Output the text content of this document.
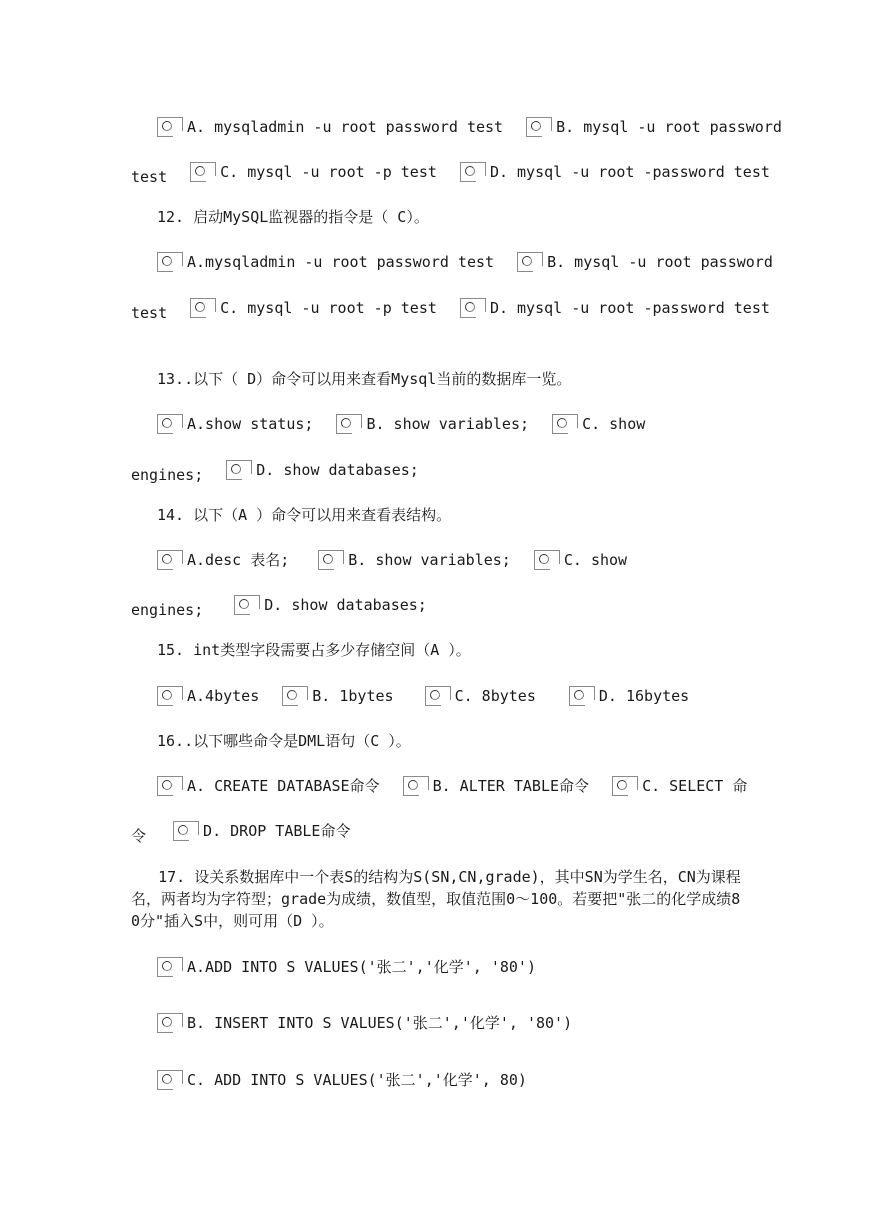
A. mysqladmin -u root password test
	B. mysql -u root password
test	C. mysql -u root -p test
	D. mysql -u root -password test
12. 启动MySQL监视器的指令是（ C）。
A.mysqladmin -u root password test
	B. mysql -u root password
test	C. mysql -u root -p test
	D. mysql -u root -password test
13..以下（ D）命令可以用来查看Mysql当前的数据库一览。
A.show status;
	B. show variables;
	C. show
engines;	D. show databases;
14. 以下（A ）命令可以用来查看表结构。
A.desc 表名;
	B. show variables;
	C. show
engines;	D. show databases;
15. int类型字段需要占多少存储空间（A ）。
A.4bytes
	B. 1bytes
	C. 8bytes
	D. 16bytes
16..以下哪些命令是DML语句（C ）。
A. CREATE DATABASE命令
	B. ALTER TABLE命令
	C. SELECT 命
令	D. DROP TABLE命令
17. 设关系数据库中一个表S的结构为S(SN,CN,grade)，其中SN为学生名，CN为课程名，两者均为字符型；grade为成绩，数值型，取值范围0～100。若要把"张二的化学成绩80分"插入S中，则可用（D ）。
A.ADD INTO S VALUES('张二','化学', '80')
B. INSERT INTO S VALUES('张二','化学', '80')
C. ADD INTO S VALUES('张二','化学', 80)
